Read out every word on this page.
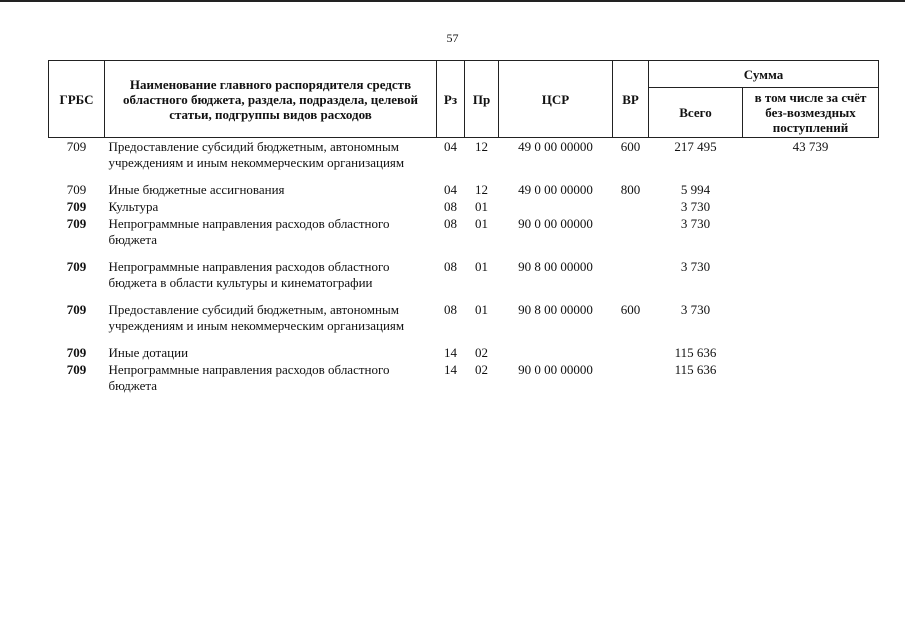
57
ГРБС	Наименование главного распорядителя средств областного бюджета, раздела, подраздела, целевой статьи, подгруппы видов расходов	Рз	Пр	ЦСР	ВР	Сумма	
						Всего	в том числе за счёт без-возмездных поступлений
709	Предоставление субсидий бюджетным, автономным учреждениям и иным некоммерческим организациям	04	12	49 0 00 00000	600	217 495	43 739
709	Иные бюджетные ассигнования	04	12	49 0 00 00000	800	5 994	
709	Культура	08	01			3 730	
709	Непрограммные направления расходов областного бюджета	08	01	90 0 00 00000		3 730	
709	Непрограммные направления расходов областного бюджета в области культуры и кинематографии	08	01	90 8 00 00000		3 730	
709	Предоставление субсидий бюджетным, автономным учреждениям и иным некоммерческим организациям	08	01	90 8 00 00000	600	3 730	
709	Иные дотации	14	02			115 636	
709	Непрограммные направления расходов областного бюджета	14	02	90 0 00 00000		115 636	
